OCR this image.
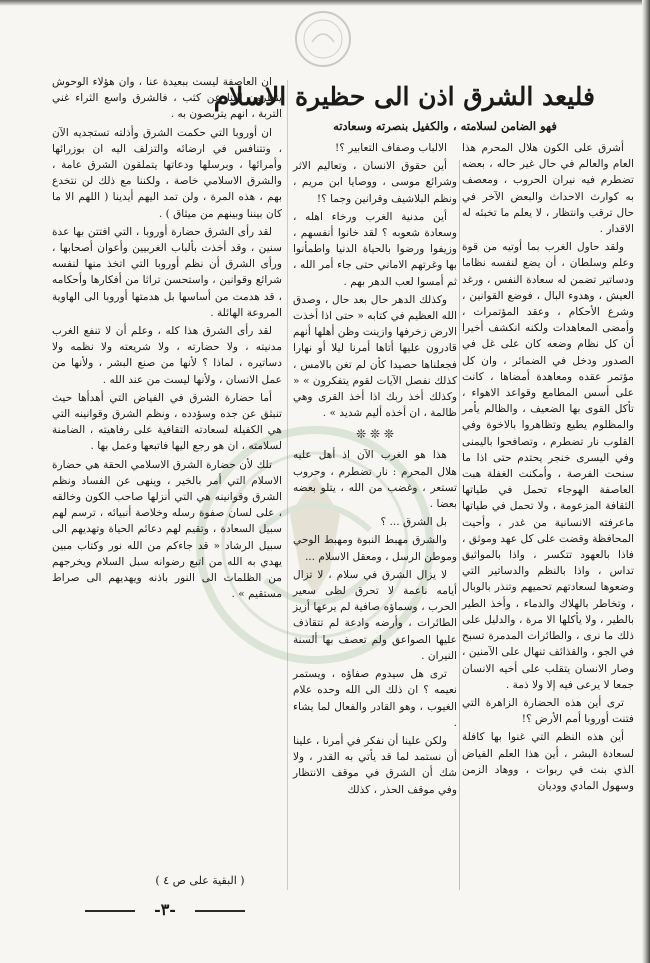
فليعد الشرق اذن الى حظيرة الاسلام
فهو الضامن لسلامته ، والكفيل بنصرته وسعادته

أشرق على الكون هلال المحرم هذا العام والعالم في حال غير حاله ، بعضه تضطرم فيه نيران الحروب ، ومعصف به كوارث الاحداث والبعض الآخر في حال ترقب وانتظار ، لا يعلم ما تخبئه له الاقدار .

ولقد حاول الغرب بما أوتيه من قوة وعلم وسلطان ، أن يضع لنفسه نظاما ودساتير تضمن له سعادة النفس ، ورغد العيش ، وهدوء البال ، فوضع القوانين ، وشرع الأحكام ، وعقد المؤتمرات ، وأمضى المعاهدات ولكنه انكشف أخيرا أن كل نظام وضعه كان على غل في الصدور ودخل في الضمائر ، وان كل مؤتمر عقده ومعاهدة أمضاها ، كانت على أسس المطامع وقواعد الاهواء ، تأكل القوى بها الضعيف ، والظالم يأمر والمظلوم يطيع وتظاهروا بالاخوة وفي القلوب نار تضطرم ، وتصافحوا باليمنى وفي اليسرى خنجر يحتدم حتى اذا ما سنحت الفرصة ، وأمكنت الغفلة هبت العاصفة الهوجاء تحمل في طياتها الثقافة المزعومة ، ولا تحمل في طياتها ماعرفته الانسانية من غدر ، وأحيت المحافظة وقضت على كل عهد وموثق ، فاذا بالعهود تتكسر ، واذا بالمواثيق تداس ، واذا بالنظم والدساتير التي وضعوها لسعادتهم تحميهم وتنذر بالوبال ، وتخاطر بالهلاك والدماء ، وأخذ الطير بالطير ، ولا يأكلها الا مرة ، والدليل على ذلك ما نرى ، والطائرات المدمرة تسبح في الجو ، والقذائف تنهال على الآمنين ، وصار الانسان يتقلب على أخيه الانسان جمعا لا يرعى فيه إلا ولا ذمة .

ترى أين هذه الحضارة الزاهرة التي فتنت أوروبا أمم الأرض ؟!

أين هذه النظم التي غنوا بها كافلة لسعادة البشر ، أين هذا العلم الفياض الذي بنت في ربوات ، ووهاد الزمن وسهول المادي ووديان

الالباب وصفاف التعابير ؟!

أين حقوق الانسان ، وتعاليم الاثر وشرائع موسى ، ووصايا ابن مريم ، ونظم البلاشيف وقرانين وجما ؟!

أين مدنية الغرب ورخاء اهله ، وسعادة شعوبه ؟ لقد خانوا أنفسهم ، وزيفوا ورضوا بالحياة الدنيا واطمأنوا بها وغرتهم الاماني حتى جاء أمر الله ، ثم أمسوا لعب الدهر بهم .

وكذلك الدهر حال بعد حال ، وصدق الله العظيم في كتابه « حتى اذا أخذت الارض زخرفها وازينت وظن أهلها أنهم قادرون عليها أتاها أمرنا ليلا أو نهارا فجعلناها حصيدا كأن لم تغن بالامس ، كذلك نفصل الآيات لقوم يتفكرون » « وكذلك أخذ ربك اذا أخذ القرى وهي ظالمة ، ان أخذه أليم شديد » .

❊ ❊ ❊

هذا هو الغرب الآن اذ أهل عليه هلال المحرم : نار تضطرم ، وحروب تستعر ، وغضب من الله ، يتلو بعضه بعضا .

بل الشرق ... ؟

والشرق مهبط النبوة ومهبط الوحي وموطن الرسل ، ومعقل الاسلام ...

لا يزال الشرق في سلام ، لا تزال أيامه ناعمة لا تحرق لظى سعير الحرب ، وسماؤه صافية لم يرعها أزيز الطائرات ، وأرضه وادعة لم تتقاذف عليها الصواعق ولم تعصف بها ألسنة النيران .

ترى هل سيدوم صفاؤه ، ويستمر نعيمه ؟ ان ذلك الى الله وحده علام الغيوب ، وهو القادر والفعال لما يشاء .

ولكن علينا أن نفكر في أمرنا ، علينا أن نستمد لما قد يأتي به القدر ، ولا شك أن الشرق في موقف الانتظار وفي موقف الحذر ، كذلك

ان العاصفة ليست ببعيدة عنا ، وان هؤلاء الوحوش ينظرون الينا عن كثب ، فالشرق واسع الثراء غني التربة ، انهم يتربصون به .

ان أوروبا التي حكمت الشرق وأذلته تستجديه الآن ، وتتنافس في ارضائه والتزلف اليه ان بوزرائها وأمرائها ، وبرسلها ودعاتها يتملقون الشرق عامة ، والشرق الاسلامي خاصة ، ولكننا مع ذلك لن نتخدع بهم ، هذه المرة ، ولن تمد اليهم أيدينا ( اللهم الا ما كان بيننا وبينهم من ميثاق ) .

لقد رأى الشرق حضارة أوروبا ، التي افتتن بها عدة سنين ، وقد أخذت بألباب الغربيين وأعوان أصحابها ، ورأى الشرق أن نظم أوروبا التي اتخذ منها لنفسه شرائع وقوانين ، واستحسن تراثا من أفكارها وأحكامه ، قد هدمت من أساسها بل هدمتها أوروبا الى الهاوية المروعة الهائلة .

لقد رأى الشرق هذا كله ، وعلم أن لا تنفع الغرب مدنيته ، ولا حضارته ، ولا شريعته ولا نظمه ولا دساتيره ، لماذا ؟ لأنها من صنع البشر ، ولأنها من عمل الانسان ، ولأنها ليست من عند الله .

أما حضارة الشرق في الفياض التي أهدأها حيث تنبثق عن جده وسؤدده ، ونظم الشرق وقوانينه التي هي الكفيلة لسعادته التقافية على رفاهيته ، الضامنة لسلامته ، ان هو رجع اليها فاتبعها وعمل بها .

تلك لأن حضارة الشرق الاسلامي الحقة هي حضارة الاسلام التي أمر بالخير ، وينهى عن الفساد ونظم الشرق وقوانينه هي التي أنزلها صاحب الكون وخالقه ، على لسان صفوة رسله وخلاصة أنبيائه ، ترسم لهم سبيل السعادة ، وتقيم لهم دعائم الحياة وتهديهم الى سبيل الرشاد « قد جاءكم من الله نور وكتاب مبين يهدي به الله من اتبع رضوانه سبل السلام ويخرجهم من الظلمات الى النور باذنه ويهديهم الى صراط مستقيم » .

( البقية على ص ٤ )
-٣-
